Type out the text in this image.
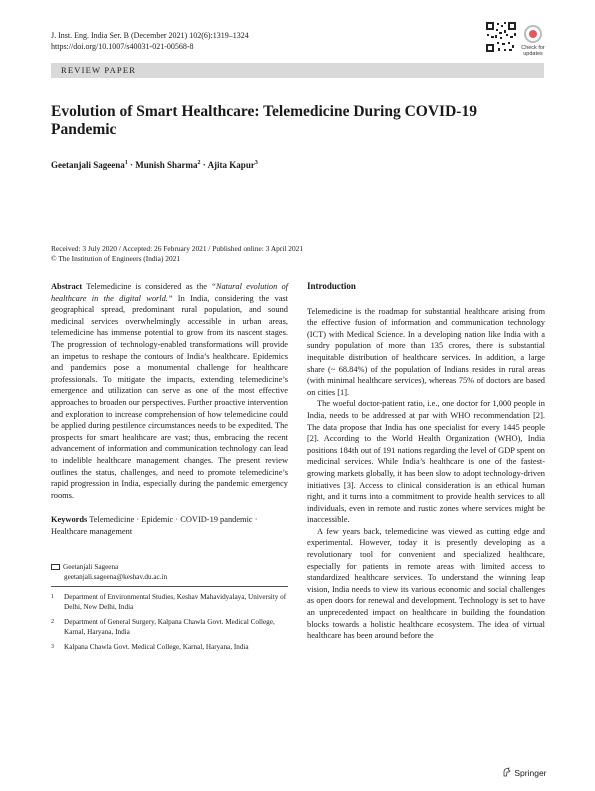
J. Inst. Eng. India Ser. B (December 2021) 102(6):1319–1324
https://doi.org/10.1007/s40031-021-00568-8	Check for updates
REVIEW PAPER
Evolution of Smart Healthcare: Telemedicine During COVID-19 Pandemic
Geetanjali Sageena$^1$ · Munish Sharma$^2$ · Ajita Kapur$^3$
Received: 3 July 2020 / Accepted: 26 February 2021 / Published online: 3 April 2021
© The Institution of Engineers (India) 2021

Abstract Telemedicine is considered as the “Natural evolution of healthcare in the digital world.” In India, considering the vast geographical spread, predominant rural population, and sound medicinal services overwhelmingly accessible in urban areas, telemedicine has immense potential to grow from its nascent stages. The progression of technology-enabled transformations will provide an impetus to reshape the contours of India’s healthcare. Epidemics and pandemics pose a monumental challenge for healthcare professionals. To mitigate the impacts, extending telemedicine’s emergence and utilization can serve as one of the most effective approaches to broaden our perspectives. Further proactive intervention and exploration to increase comprehension of how telemedicine could be applied during pestilence circumstances needs to be expedited. The prospects for smart healthcare are vast; thus, embracing the recent advancement of information and communication technology can lead to indelible healthcare management changes. The present review outlines the status, challenges, and need to promote telemedicine’s rapid progression in India, especially during the pandemic emergency rooms.

Keywords Telemedicine · Epidemic · COVID-19 pandemic · Healthcare management

Geetanjali Sageena
geetanjali.sageena@keshav.du.ac.in
1 Department of Environmental Studies, Keshav Mahavidyalaya, University of Delhi, New Delhi, India
2 Department of General Surgery, Kalpana Chawla Govt. Medical College, Karnal, Haryana, India
3 Kalpana Chawla Govt. Medical College, Karnal, Haryana, India
Introduction

Telemedicine is the roadmap for substantial healthcare arising from the effective fusion of information and communication technology (ICT) with Medical Science. In a developing nation like India with a sundry population of more than 135 crores, there is substantial inequitable distribution of healthcare services. In addition, a large share (~ 68.84%) of the population of Indians resides in rural areas (with minimal healthcare services), whereas 75% of doctors are based on cities [1].

The woeful doctor-patient ratio, i.e., one doctor for 1,000 people in India, needs to be addressed at par with WHO recommendation [2]. The data propose that India has one specialist for every 1445 people [2]. According to the World Health Organization (WHO), India positions 184th out of 191 nations regarding the level of GDP spent on medicinal services. While India’s healthcare is one of the fastest-growing markets globally, it has been slow to adopt technology-driven initiatives [3]. Access to clinical consideration is an ethical human right, and it turns into a commitment to provide health services to all individuals, even in remote and rustic zones where services might be inaccessible.

A few years back, telemedicine was viewed as cutting edge and experimental. However, today it is presently developing as a revolutionary tool for convenient and specialized healthcare, especially for patients in remote areas with limited access to standardized healthcare services. To understand the winning leap vision, India needs to view its various economic and social challenges as open doors for renewal and development. Technology is set to have an unprecedented impact on healthcare in building the foundation blocks towards a holistic healthcare ecosystem. The idea of virtual healthcare has been around before the

Springer
